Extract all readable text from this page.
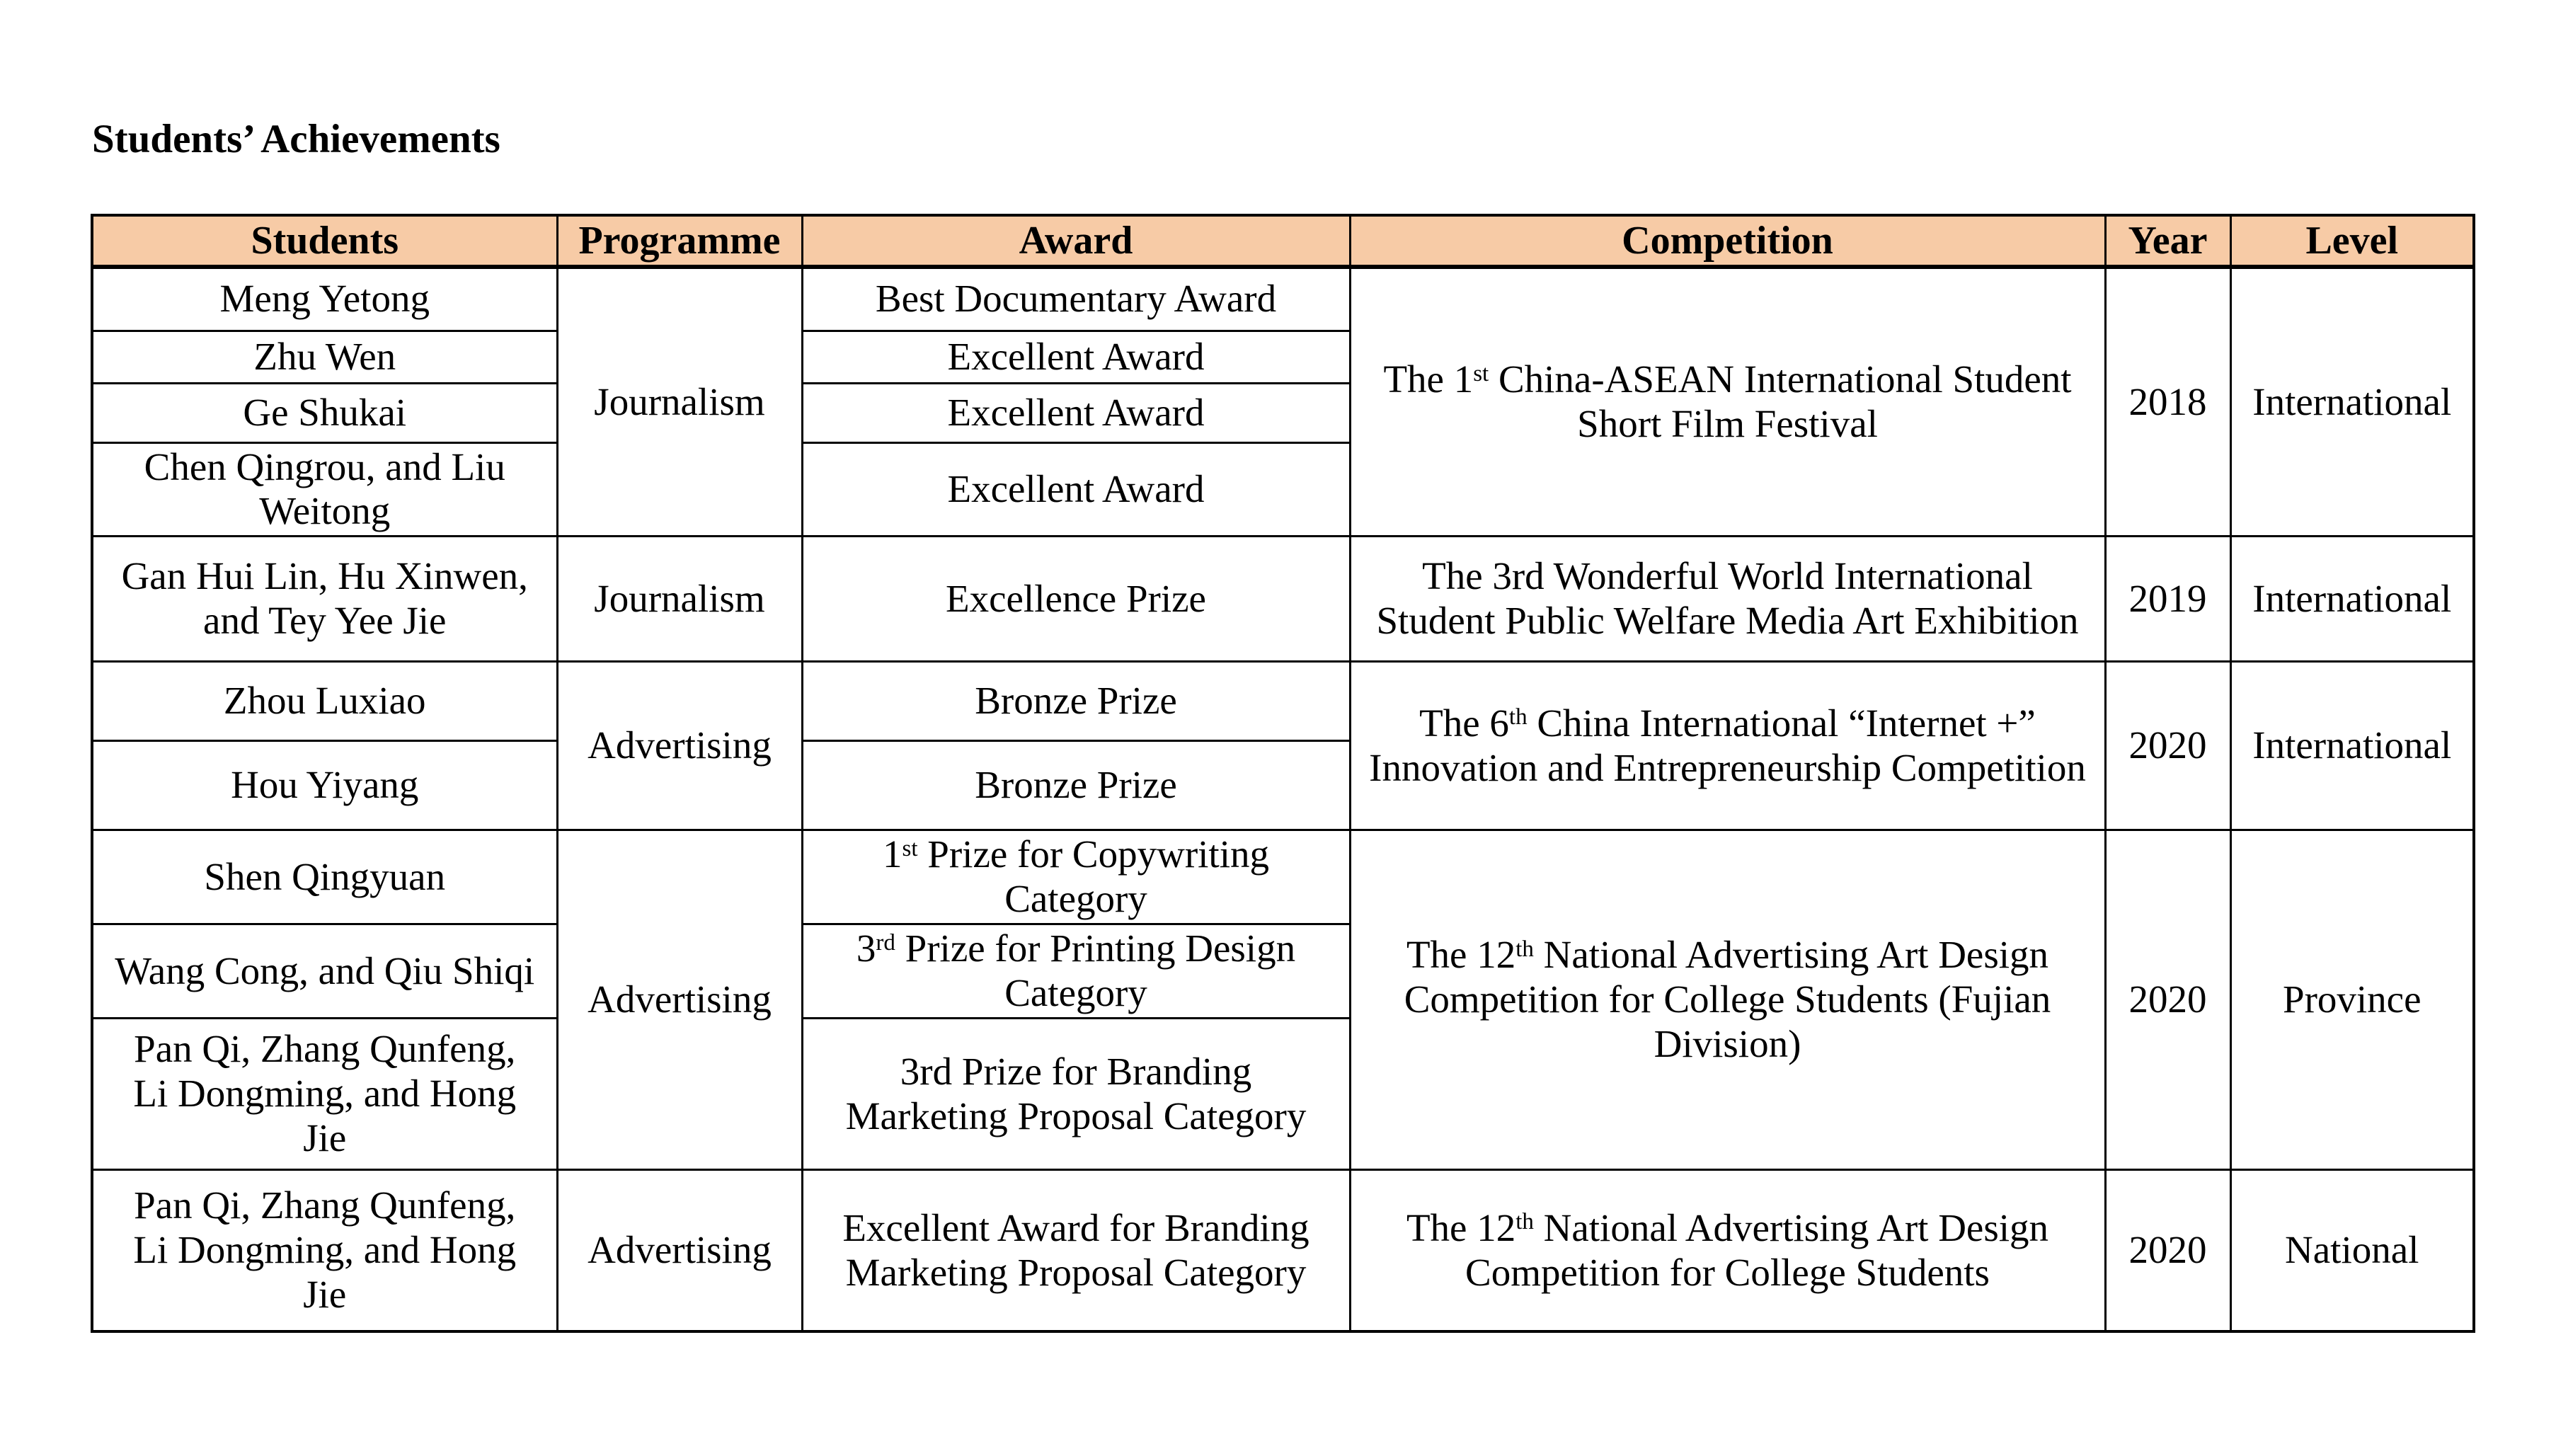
Students’ Achievements
Students	Programme	Award	Competition	Year	Level
Meng Yetong	Journalism	Best Documentary Award	The 1st China-ASEAN International Student Short Film Festival	2018	International
Zhu Wen		Excellent Award			
Ge Shukai		Excellent Award			
Chen Qingrou, and Liu Weitong		Excellent Award			
Gan Hui Lin, Hu Xinwen, and Tey Yee Jie	Journalism	Excellence Prize	The 3rd Wonderful World International Student Public Welfare Media Art Exhibition	2019	International
Zhou Luxiao	Advertising	Bronze Prize	The 6th China International “Internet +” Innovation and Entrepreneurship Competition	2020	International
Hou Yiyang		Bronze Prize			
Shen Qingyuan	Advertising	1st Prize for Copywriting Category	The 12th National Advertising Art Design Competition for College Students (Fujian Division)	2020	Province
Wang Cong, and Qiu Shiqi		3rd Prize for Printing Design Category			
Pan Qi, Zhang Qunfeng, Li Dongming, and Hong Jie		3rd Prize for Branding Marketing Proposal Category			
Pan Qi, Zhang Qunfeng, Li Dongming, and Hong Jie	Advertising	Excellent Award for Branding Marketing Proposal Category	The 12th National Advertising Art Design Competition for College Students	2020	National
